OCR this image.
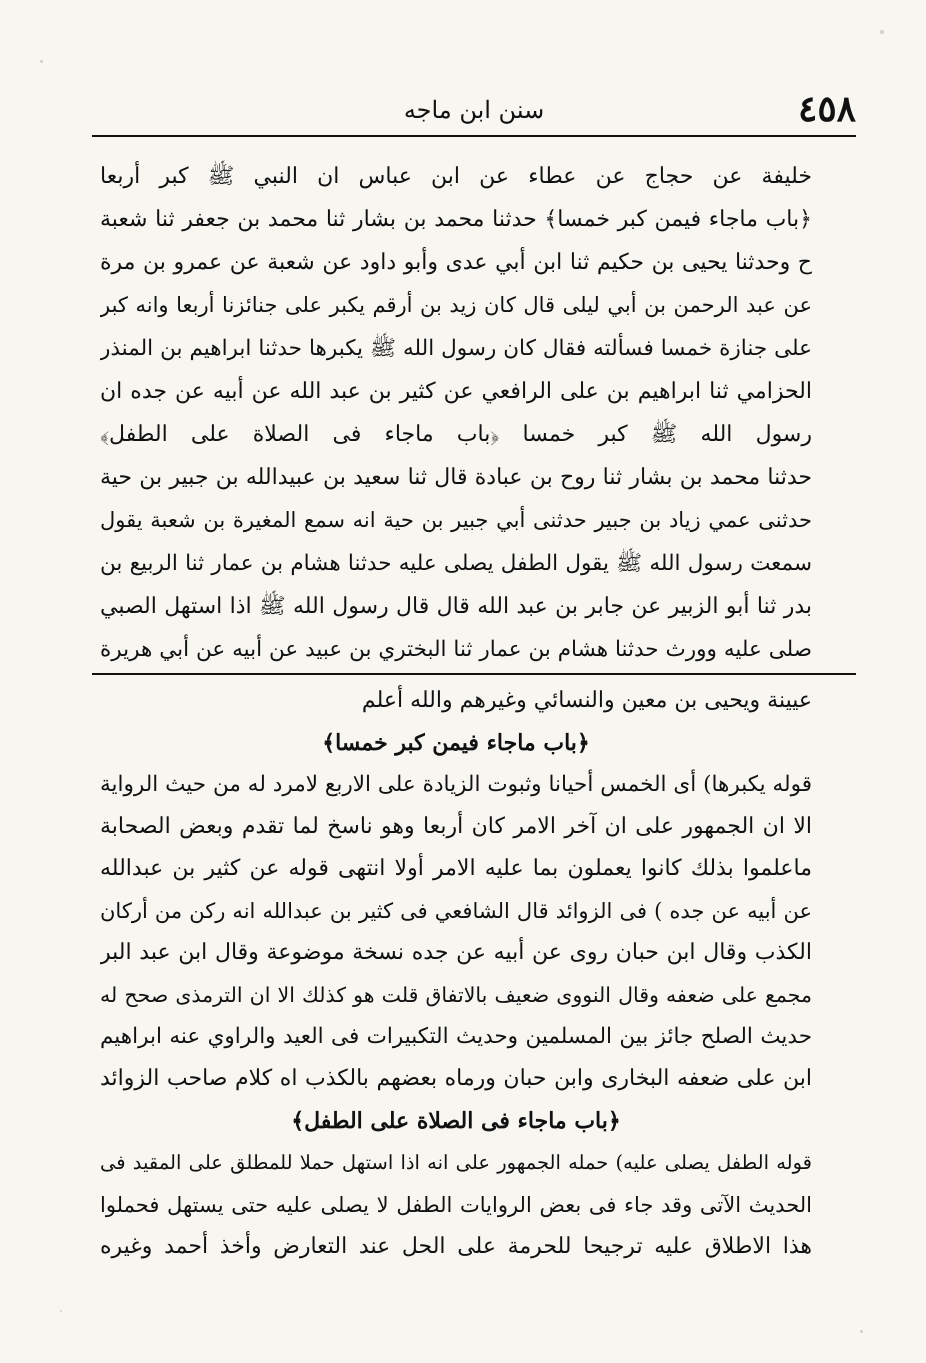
٤٥٨
سنن ابن ماجه
خليفة عن حجاج عن عطاء عن ابن عباس ان النبي ﷺ كبر أربعا
﴿باب ماجاء فيمن كبر خمسا﴾ حدثنا محمد بن بشار ثنا محمد بن جعفر ثنا شعبة
ح وحدثنا يحيى بن حكيم ثنا ابن أبي عدى وأبو داود عن شعبة عن عمرو بن مرة
عن عبد الرحمن بن أبي ليلى قال كان زيد بن أرقم يكبر على جنائزنا أربعا وانه كبر
على جنازة خمسا فسألته فقال كان رسول الله ﷺ يكبرها حدثنا ابراهيم بن المنذر
الحزامي ثنا ابراهيم بن على الرافعي عن كثير بن عبد الله عن أبيه عن جده ان
رسول الله ﷺ كبر خمسا ﴿باب ماجاء فى الصلاة على الطفل﴾
حدثنا محمد بن بشار ثنا روح بن عبادة قال ثنا سعيد بن عبيدالله بن جبير بن حية
حدثنى عمي زياد بن جبير حدثنى أبي جبير بن حية انه سمع المغيرة بن شعبة يقول
سمعت رسول الله ﷺ يقول الطفل يصلى عليه حدثنا هشام بن عمار ثنا الربيع بن
بدر ثنا أبو الزبير عن جابر بن عبد الله قال قال رسول الله ﷺ اذا استهل الصبي
صلى عليه وورث حدثنا هشام بن عمار ثنا البختري بن عبيد عن أبيه عن أبي هريرة
عيينة ويحيى بن معين والنسائي وغيرهم والله أعلم
﴿باب ماجاء فيمن كبر خمسا﴾
قوله يكبرها) أى الخمس أحيانا وثبوت الزيادة على الاربع لامرد له من حيث الرواية
الا ان الجمهور على ان آخر الامر كان أربعا وهو ناسخ لما تقدم وبعض الصحابة
ماعلموا بذلك كانوا يعملون بما عليه الامر أولا انتهى قوله عن كثير بن عبدالله
عن أبيه عن جده ) فى الزوائد قال الشافعي فى كثير بن عبدالله انه ركن من أركان
الكذب وقال ابن حبان روى عن أبيه عن جده نسخة موضوعة وقال ابن عبد البر
مجمع على ضعفه وقال النووى ضعيف بالاتفاق قلت هو كذلك الا ان الترمذى صحح له
حديث الصلح جائز بين المسلمين وحديث التكبيرات فى العيد والراوي عنه ابراهيم
ابن على ضعفه البخارى وابن حبان ورماه بعضهم بالكذب اه كلام صاحب الزوائد
﴿باب ماجاء فى الصلاة على الطفل﴾
قوله الطفل يصلى عليه) حمله الجمهور على انه اذا استهل حملا للمطلق على المقيد فى
الحديث الآتى وقد جاء فى بعض الروايات الطفل لا يصلى عليه حتى يستهل فحملوا
هذا الاطلاق عليه ترجيحا للحرمة على الحل عند التعارض وأخذ أحمد وغيره
